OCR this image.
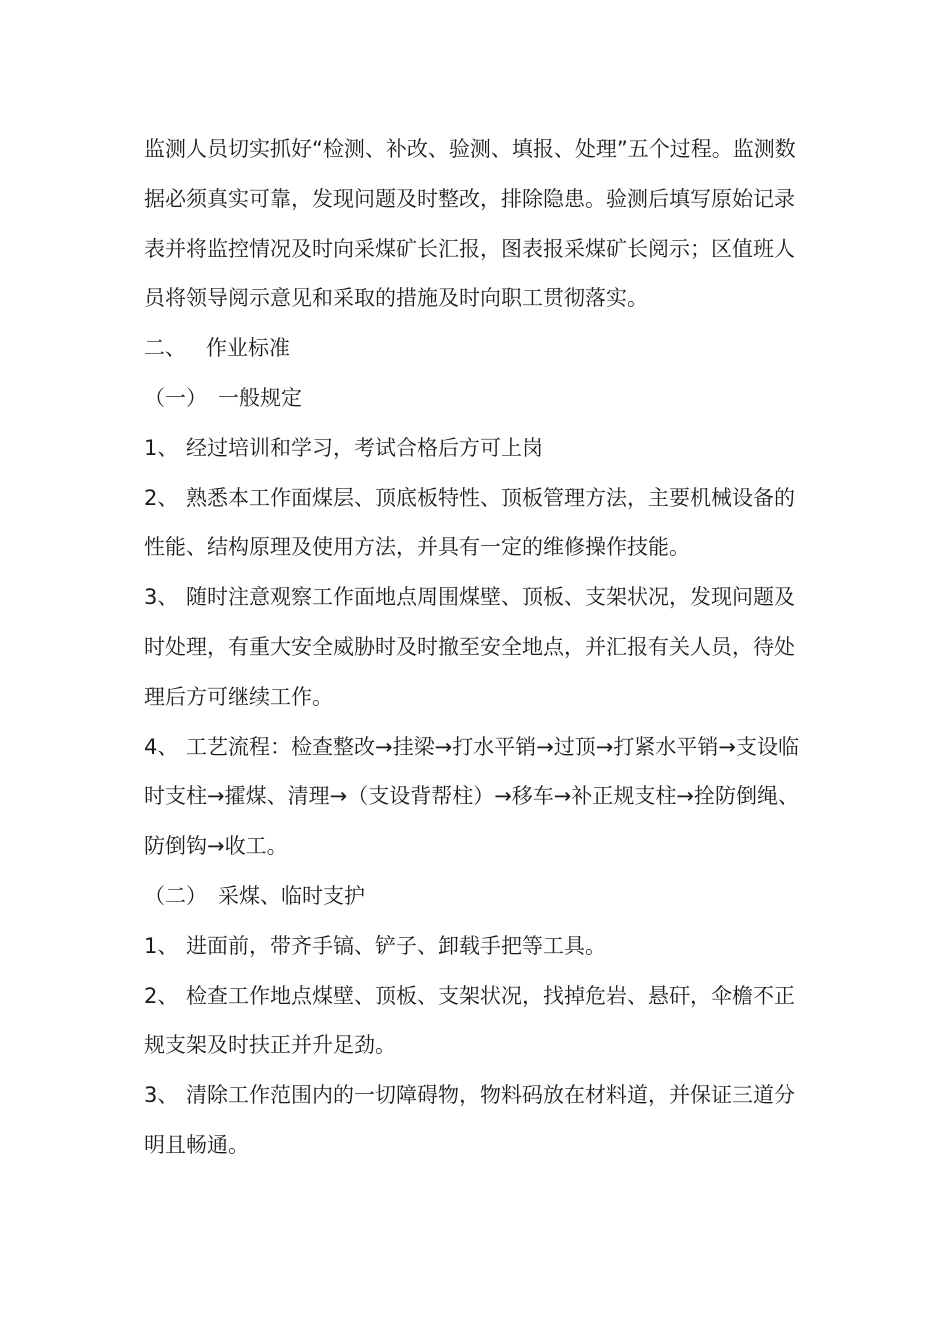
监测人员切实抓好“检测、补改、验测、填报、处理”五个过程。监测数据必须真实可靠，发现问题及时整改，排除隐患。验测后填写原始记录表并将监控情况及时向采煤矿长汇报，图表报采煤矿长阅示；区值班人员将领导阅示意见和采取的措施及时向职工贯彻落实。

二、 作业标准

（一） 一般规定

1、 经过培训和学习，考试合格后方可上岗

2、 熟悉本工作面煤层、顶底板特性、顶板管理方法，主要机械设备的性能、结构原理及使用方法，并具有一定的维修操作技能。

3、 随时注意观察工作面地点周围煤壁、顶板、支架状况，发现问题及时处理，有重大安全威胁时及时撤至安全地点，并汇报有关人员，待处理后方可继续工作。

4、 工艺流程：检查整改→挂梁→打水平销→过顶→打紧水平销→支设临时支柱→攉煤、清理→（支设背帮柱）→移车→补正规支柱→拴防倒绳、防倒钩→收工。

（二） 采煤、临时支护

1、 进面前，带齐手镐、铲子、卸载手把等工具。

2、 检查工作地点煤壁、顶板、支架状况，找掉危岩、悬矸，伞檐不正规支架及时扶正并升足劲。

3、 清除工作范围内的一切障碍物，物料码放在材料道，并保证三道分明且畅通。
